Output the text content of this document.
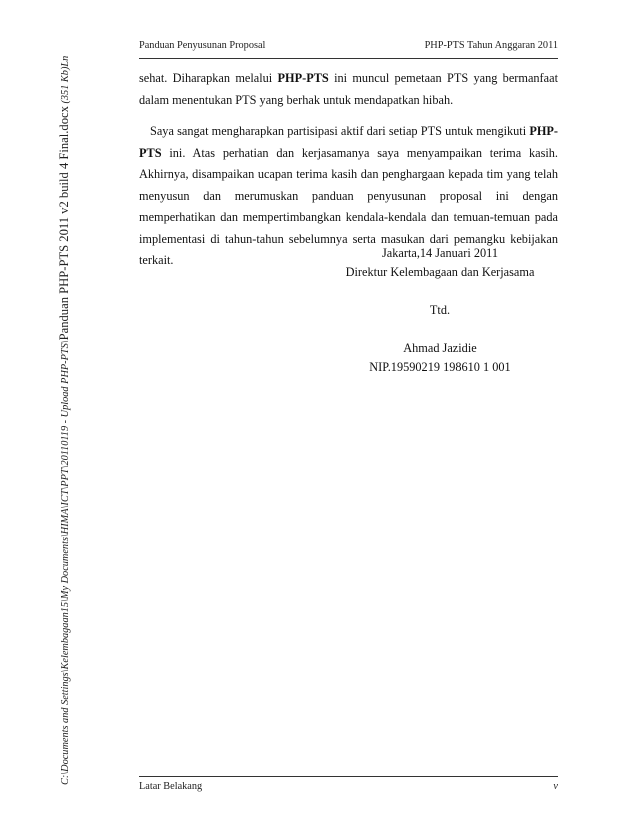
C:\Documents and Settings\Kelembagaan15\My Documents\HIMA\ICT\PPT\20110119 - Upload PHP-PTS\Panduan PHP-PTS 2011 v2 build 4 Final.docx (351 Kb)Ln
Panduan Penyusunan Proposal	PHP-PTS Tahun Anggaran 2011

sehat. Diharapkan melalui PHP-PTS ini muncul pemetaan PTS yang bermanfaat dalam menentukan PTS yang berhak untuk mendapatkan hibah.

Saya sangat mengharapkan partisipasi aktif dari setiap PTS untuk mengikuti PHP-PTS ini. Atas perhatian dan kerjasamanya saya menyampaikan terima kasih. Akhirnya, disampaikan ucapan terima kasih dan penghargaan kepada tim yang telah menyusun dan merumuskan panduan penyusunan proposal ini dengan memperhatikan dan mempertimbangkan kendala-kendala dan temuan-temuan pada implementasi di tahun-tahun sebelumnya serta masukan dari pemangku kebijakan terkait.	Jakarta,14 Januari 2011
Direktur Kelembagaan dan Kerjasama
Ttd.
Ahmad Jazidie
NIP.19590219 198610 1 001
Latar Belakang	v
